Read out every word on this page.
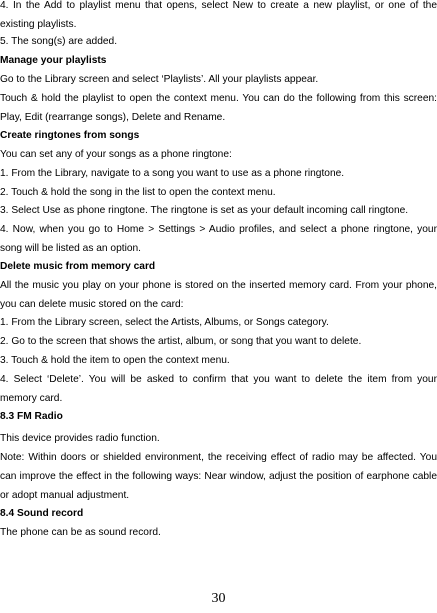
4. In the Add to playlist menu that opens, select New to create a new playlist, or one of the existing playlists.
5. The song(s) are added.
Manage your playlists
Go to the Library screen and select ‘Playlists’. All your playlists appear.
Touch & hold the playlist to open the context menu. You can do the following from this screen: Play, Edit (rearrange songs), Delete and Rename.
Create ringtones from songs
You can set any of your songs as a phone ringtone:
1. From the Library, navigate to a song you want to use as a phone ringtone.
2. Touch & hold the song in the list to open the context menu.
3. Select Use as phone ringtone. The ringtone is set as your default incoming call ringtone.
4. Now, when you go to Home > Settings > Audio profiles, and select a phone ringtone, your song will be listed as an option.
Delete music from memory card
All the music you play on your phone is stored on the inserted memory card. From your phone, you can delete music stored on the card:
1. From the Library screen, select the Artists, Albums, or Songs category.
2. Go to the screen that shows the artist, album, or song that you want to delete.
3. Touch & hold the item to open the context menu.
4. Select ‘Delete’. You will be asked to confirm that you want to delete the item from your memory card.
8.3 FM Radio
This device provides radio function.
Note: Within doors or shielded environment, the receiving effect of radio may be affected. You can improve the effect in the following ways: Near window, adjust the position of earphone cable or adopt manual adjustment.
8.4 Sound record
The phone can be as sound record.
30
